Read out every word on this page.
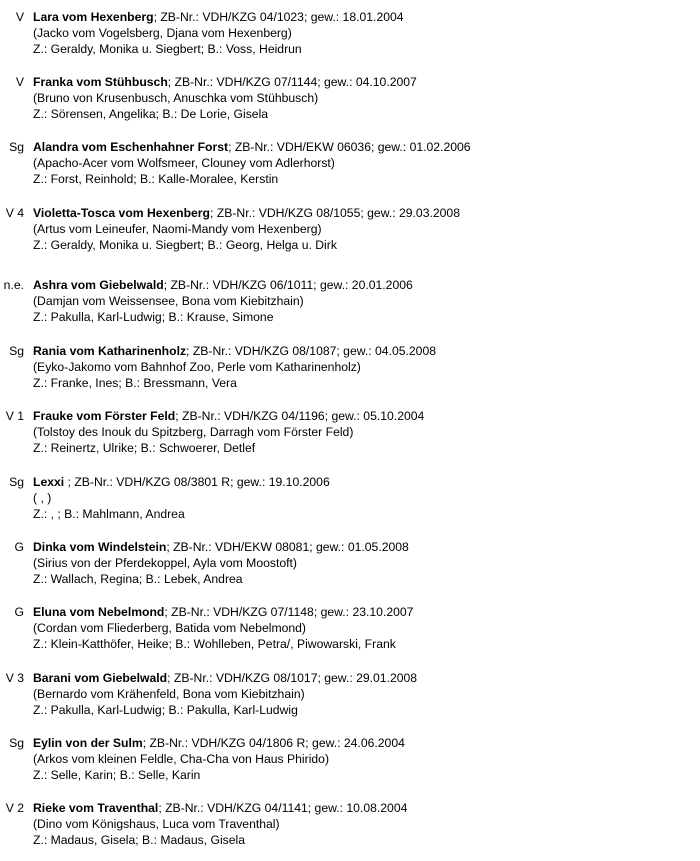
V Lara vom Hexenberg; ZB-Nr.: VDH/KZG 04/1023; gew.: 18.01.2004
(Jacko vom Vogelsberg, Djana vom Hexenberg)
Z.: Geraldy, Monika u. Siegbert; B.: Voss, Heidrun
V Franka vom Stühbusch; ZB-Nr.: VDH/KZG 07/1144; gew.: 04.10.2007
(Bruno von Krusenbusch, Anuschka vom Stühbusch)
Z.: Sörensen, Angelika; B.: De Lorie, Gisela
Sg Alandra vom Eschenhahner Forst; ZB-Nr.: VDH/EKW 06036; gew.: 01.02.2006
(Apacho-Acer vom Wolfsmeer, Clouney vom Adlerhorst)
Z.: Forst, Reinhold; B.: Kalle-Moralee, Kerstin
V 4 Violetta-Tosca vom Hexenberg; ZB-Nr.: VDH/KZG 08/1055; gew.: 29.03.2008
(Artus vom Leineufer, Naomi-Mandy vom Hexenberg)
Z.: Geraldy, Monika u. Siegbert; B.: Georg, Helga u. Dirk
n.e. Ashra vom Giebelwald; ZB-Nr.: VDH/KZG 06/1011; gew.: 20.01.2006
(Damjan vom Weissensee, Bona vom Kiebitzhain)
Z.: Pakulla, Karl-Ludwig; B.: Krause, Simone
Sg Rania vom Katharinenholz; ZB-Nr.: VDH/KZG 08/1087; gew.: 04.05.2008
(Eyko-Jakomo vom Bahnhof Zoo, Perle vom Katharinenholz)
Z.: Franke, Ines; B.: Bressmann, Vera
V 1 Frauke vom Förster Feld; ZB-Nr.: VDH/KZG 04/1196; gew.: 05.10.2004
(Tolstoy des Inouk du Spitzberg, Darragh vom Förster Feld)
Z.: Reinertz, Ulrike; B.: Schwoerer, Detlef
Sg Lexxi ; ZB-Nr.: VDH/KZG 08/3801 R; gew.: 19.10.2006
( , )
Z.: , ; B.: Mahlmann, Andrea
G Dinka vom Windelstein; ZB-Nr.: VDH/EKW 08081; gew.: 01.05.2008
(Sirius von der Pferdekoppel, Ayla vom Moostoft)
Z.: Wallach, Regina; B.: Lebek, Andrea
G Eluna vom Nebelmond; ZB-Nr.: VDH/KZG 07/1148; gew.: 23.10.2007
(Cordan vom Fliederberg, Batida vom Nebelmond)
Z.: Klein-Katthöfer, Heike; B.: Wohlleben, Petra/, Piwowarski, Frank
V 3 Barani vom Giebelwald; ZB-Nr.: VDH/KZG 08/1017; gew.: 29.01.2008
(Bernardo vom Krähenfeld, Bona vom Kiebitzhain)
Z.: Pakulla, Karl-Ludwig; B.: Pakulla, Karl-Ludwig
Sg Eylin von der Sulm; ZB-Nr.: VDH/KZG 04/1806 R; gew.: 24.06.2004
(Arkos vom kleinen Feldle, Cha-Cha von Haus Phirido)
Z.: Selle, Karin; B.: Selle, Karin
V 2 Rieke vom Traventhal; ZB-Nr.: VDH/KZG 04/1141; gew.: 10.08.2004
(Dino vom Königshaus, Luca vom Traventhal)
Z.: Madaus, Gisela; B.: Madaus, Gisela
